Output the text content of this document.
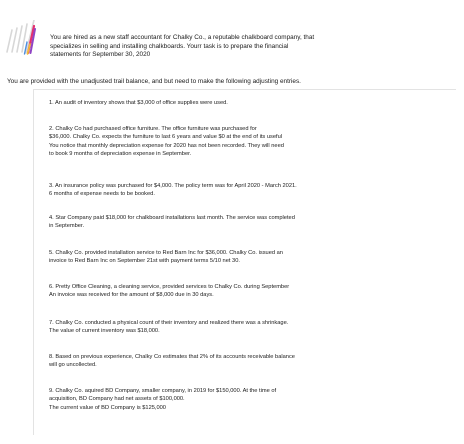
You are hired as a new staff accountant for Chalky Co., a reputable chalkboard company, that
specializes in selling and installing chalkboards. Yourr task is to prepare the financial
statements for September 30, 2020

You are provided with the unadjusted trail balance, and but need to make the following adjusting entries.

1. An audit of inventory shows that $3,000 of office supplies were used.

2. Chalky Co had purchased office furniture. The office furniture was purchased for
$36,000. Chalky Co. expects the furniture to last 6 years and value $0 at the end of its useful
You notice that monthly depreciation expense for 2020 has not been recorded. They will need
to book 9 months of depreciation expense in September.

3. An insurance policy was purchased for $4,000. The policy term was for April 2020 - March 2021.
6 months of expense needs to be booked.

4. Star Company paid $18,000 for chalkboard installations last month. The service was completed
in September.

5. Chalky Co. provided installation service to Red Barn Inc for $36,000. Chalky Co. issued an
invoice to Red Barn Inc on September 21st with payment terms 5/10 net 30.

6. Pretty Office Cleaning, a cleaning service, provided services to Chalky Co. during September
An invoice was received for the amount of $8,000 due in 30 days.

7. Chalky Co. conducted a physical count of their inventory and realized there was a shrinkage.
The value of current inventory was $18,000.

8. Based on previous experience, Chalky Co estimates that 2% of its accounts receivable balance
will go uncollected.

9. Chalky Co. aquired BD Company, smaller company, in 2019 for $150,000. At the time of
acquisition, BD Company had net assets of $100,000.
The current value of BD Company is $125,000
